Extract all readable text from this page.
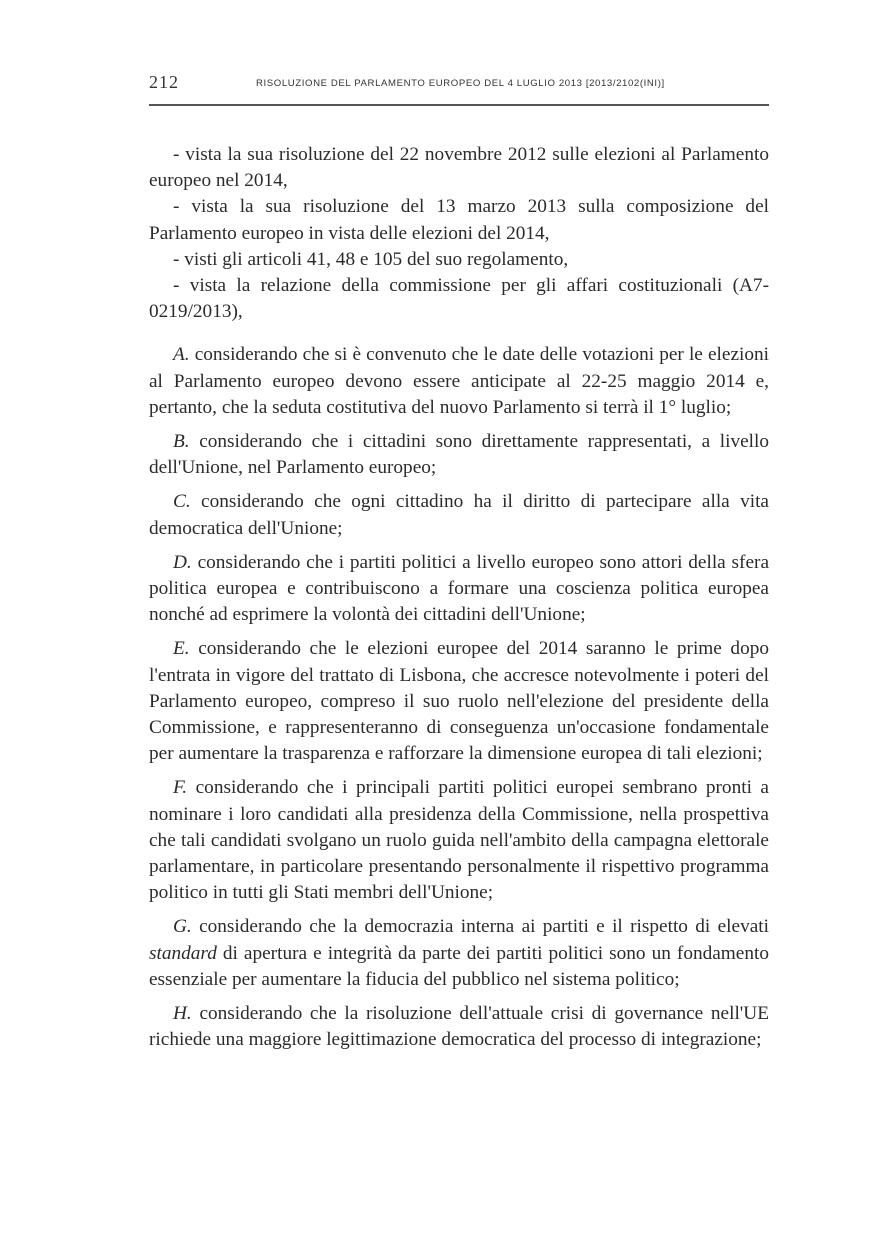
212	RISOLUZIONE DEL PARLAMENTO EUROPEO DEL 4 LUGLIO 2013 [2013/2102(INI)]

- vista la sua risoluzione del 22 novembre 2012 sulle elezioni al Parlamento europeo nel 2014,

- vista la sua risoluzione del 13 marzo 2013 sulla composizione del Parlamento europeo in vista delle elezioni del 2014,

- visti gli articoli 41, 48 e 105 del suo regolamento,

- vista la relazione della commissione per gli affari costituzionali (A7-0219/2013),

A. considerando che si è convenuto che le date delle votazioni per le elezioni al Parlamento europeo devono essere anticipate al 22-25 maggio 2014 e, pertanto, che la seduta costitutiva del nuovo Parlamento si terrà il 1° luglio;

B. considerando che i cittadini sono direttamente rappresentati, a livello dell'Unione, nel Parlamento europeo;

C. considerando che ogni cittadino ha il diritto di partecipare alla vita democratica dell'Unione;

D. considerando che i partiti politici a livello europeo sono attori della sfera politica europea e contribuiscono a formare una coscienza politica europea nonché ad esprimere la volontà dei cittadini dell'Unione;

E. considerando che le elezioni europee del 2014 saranno le prime dopo l'entrata in vigore del trattato di Lisbona, che accresce notevolmente i poteri del Parlamento europeo, compreso il suo ruolo nell'elezione del presidente della Commissione, e rappresenteranno di conseguenza un'occasione fondamentale per aumentare la trasparenza e rafforzare la dimensione europea di tali elezioni;

F. considerando che i principali partiti politici europei sembrano pronti a nominare i loro candidati alla presidenza della Commissione, nella prospettiva che tali candidati svolgano un ruolo guida nell'ambito della campagna elettorale parlamentare, in particolare presentando personalmente il rispettivo programma politico in tutti gli Stati membri dell'Unione;

G. considerando che la democrazia interna ai partiti e il rispetto di elevati standard di apertura e integrità da parte dei partiti politici sono un fondamento essenziale per aumentare la fiducia del pubblico nel sistema politico;

H. considerando che la risoluzione dell'attuale crisi di governance nell'UE richiede una maggiore legittimazione democratica del processo di integrazione;
